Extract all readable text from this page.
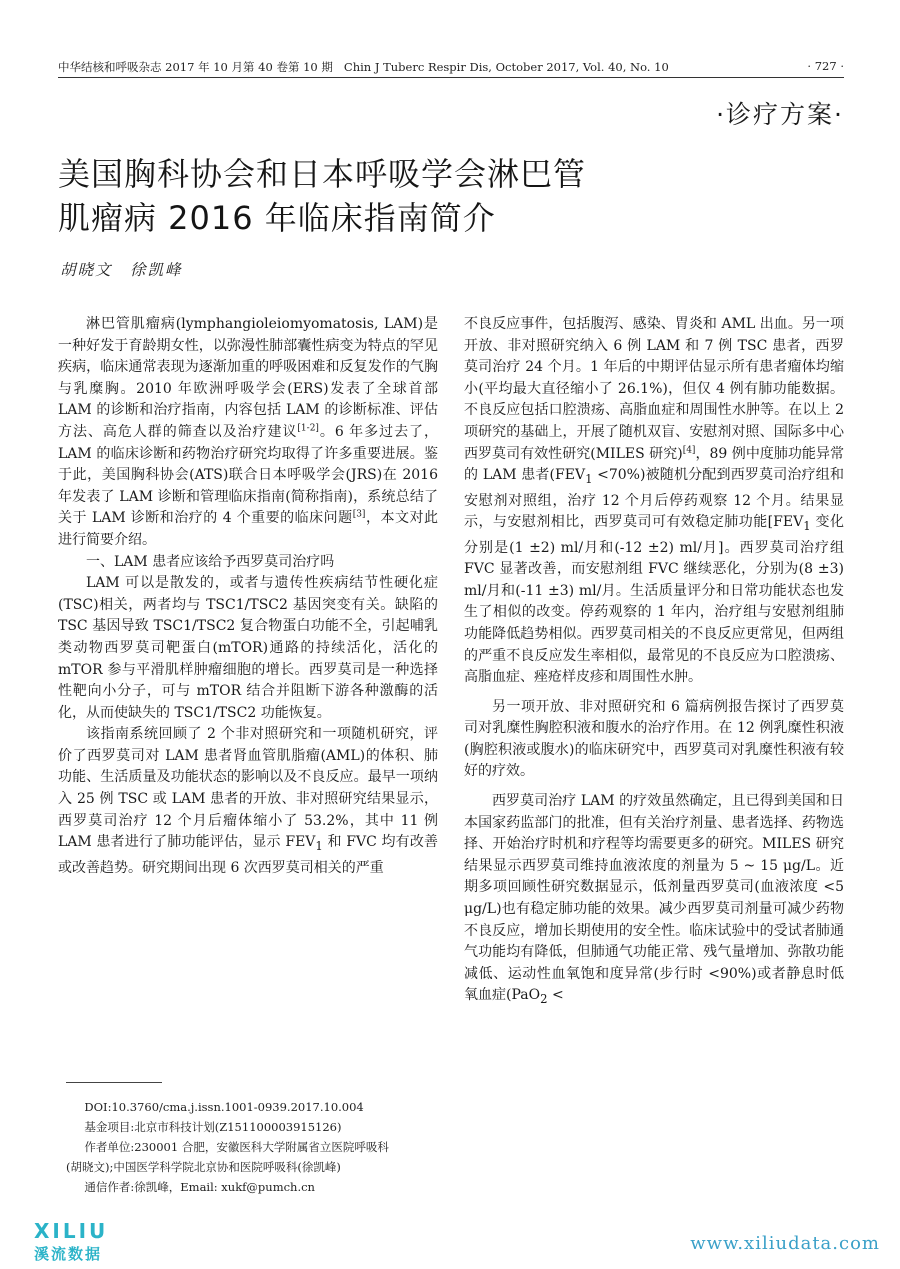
中华结核和呼吸杂志 2017 年 10 月第 40 卷第 10 期 Chin J Tuberc Respir Dis, October 2017, Vol. 40, No. 10	· 727 ·
·诊疗方案·
美国胸科协会和日本呼吸学会淋巴管
肌瘤病 2016 年临床指南简介
胡晓文　徐凯峰

淋巴管肌瘤病(lymphangioleiomyomatosis, LAM)是一种好发于育龄期女性，以弥漫性肺部囊性病变为特点的罕见疾病，临床通常表现为逐渐加重的呼吸困难和反复发作的气胸与乳糜胸。2010 年欧洲呼吸学会(ERS)发表了全球首部 LAM 的诊断和治疗指南，内容包括 LAM 的诊断标准、评估方法、高危人群的筛查以及治疗建议[1-2]。6 年多过去了，LAM 的临床诊断和药物治疗研究均取得了许多重要进展。鉴于此，美国胸科协会(ATS)联合日本呼吸学会(JRS)在 2016 年发表了 LAM 诊断和管理临床指南(简称指南)，系统总结了关于 LAM 诊断和治疗的 4 个重要的临床问题[3]，本文对此进行简要介绍。

一、LAM 患者应该给予西罗莫司治疗吗

LAM 可以是散发的，或者与遗传性疾病结节性硬化症(TSC)相关，两者均与 TSC1/TSC2 基因突变有关。缺陷的 TSC 基因导致 TSC1/TSC2 复合物蛋白功能不全，引起哺乳类动物西罗莫司靶蛋白(mTOR)通路的持续活化，活化的 mTOR 参与平滑肌样肿瘤细胞的增长。西罗莫司是一种选择性靶向小分子，可与 mTOR 结合并阻断下游各种激酶的活化，从而使缺失的 TSC1/TSC2 功能恢复。

该指南系统回顾了 2 个非对照研究和一项随机研究，评价了西罗莫司对 LAM 患者肾血管肌脂瘤(AML)的体积、肺功能、生活质量及功能状态的影响以及不良反应。最早一项纳入 25 例 TSC 或 LAM 患者的开放、非对照研究结果显示，西罗莫司治疗 12 个月后瘤体缩小了 53.2%，其中 11 例 LAM 患者进行了肺功能评估，显示 $FEV_1$ 和 FVC 均有改善或改善趋势。研究期间出现 6 次西罗莫司相关的严重

DOI:10.3760/cma.j.issn.1001-0939.2017.10.004
基金项目:北京市科技计划(Z151100003915126)
作者单位:230001 合肥，安徽医科大学附属省立医院呼吸科
(胡晓文);中国医学科学院北京协和医院呼吸科(徐凯峰)
通信作者:徐凯峰，Email: xukf@pumch.cn

不良反应事件，包括腹泻、感染、胃炎和 AML 出血。另一项开放、非对照研究纳入 6 例 LAM 和 7 例 TSC 患者，西罗莫司治疗 24 个月。1 年后的中期评估显示所有患者瘤体均缩小(平均最大直径缩小了 26.1%)，但仅 4 例有肺功能数据。不良反应包括口腔溃疡、高脂血症和周围性水肿等。在以上 2 项研究的基础上，开展了随机双盲、安慰剂对照、国际多中心西罗莫司有效性研究(MILES 研究)[4]，89 例中度肺功能异常的 LAM 患者$(FEV_1 <70\%)$被随机分配到西罗莫司治疗组和安慰剂对照组，治疗 12 个月后停药观察 12 个月。结果显示，与安慰剂相比，西罗莫司可有效稳定肺功能[$FEV_1$ 变化分别是(1 ±2) ml/月和(-12 ±2) ml/月]。西罗莫司治疗组 FVC 显著改善，而安慰剂组 FVC 继续恶化，分别为(8 ±3) ml/月和(-11 ±3) ml/月。生活质量评分和日常功能状态也发生了相似的改变。停药观察的 1 年内，治疗组与安慰剂组肺功能降低趋势相似。西罗莫司相关的不良反应更常见，但两组的严重不良反应发生率相似，最常见的不良反应为口腔溃疡、高脂血症、痤疮样皮疹和周围性水肿。

另一项开放、非对照研究和 6 篇病例报告探讨了西罗莫司对乳糜性胸腔积液和腹水的治疗作用。在 12 例乳糜性积液(胸腔积液或腹水)的临床研究中，西罗莫司对乳糜性积液有较好的疗效。

西罗莫司治疗 LAM 的疗效虽然确定，且已得到美国和日本国家药监部门的批准，但有关治疗剂量、患者选择、药物选择、开始治疗时机和疗程等均需要更多的研究。MILES 研究结果显示西罗莫司维持血液浓度的剂量为 5 ~ 15 μg/L。近期多项回顾性研究数据显示，低剂量西罗莫司(血液浓度 <5 μg/L)也有稳定肺功能的效果。减少西罗莫司剂量可减少药物不良反应，增加长期使用的安全性。临床试验中的受试者肺通气功能均有降低，但肺通气功能正常、残气量增加、弥散功能减低、运动性血氧饱和度异常(步行时 <90%)或者静息时低氧血症(PaO$_2$ <

XILIU
溪流数据	www.xiliudata.com
